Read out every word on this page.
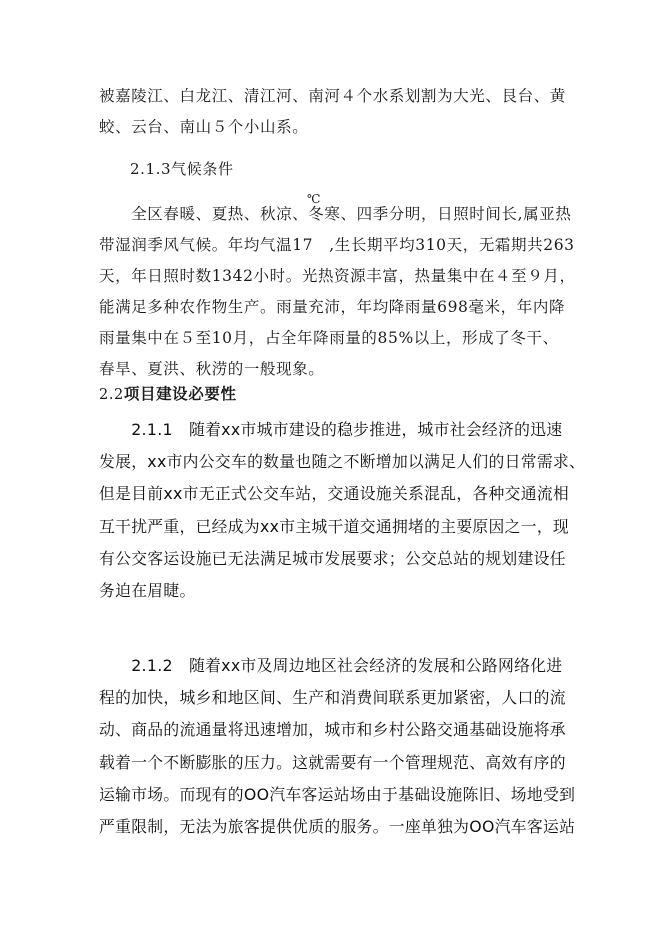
被嘉陵江、白龙江、清江河、南河４个水系划割为大光、艮台、黄
蛟、云台、南山５个小山系。
2.1.3气候条件
℃
　　全区春暖、夏热、秋凉、冬寒、四季分明，日照时间长,属亚热
带湿润季风气候。年均气温17　,生长期平均310天，无霜期共263
天，年日照时数1342小时。光热资源丰富，热量集中在４至９月，
能满足多种农作物生产。雨量充沛，年均降雨量698毫米，年内降
雨量集中在５至10月，占全年降雨量的85%以上，形成了冬干、
春旱、夏洪、秋涝的一般现象。
2.2项目建设必要性
　　2.1.1　随着xx市城市建设的稳步推进，城市社会经济的迅速
发展，xx市内公交车的数量也随之不断增加以满足人们的日常需求、
但是目前xx市无正式公交车站，交通设施关系混乱，各种交通流相
互干扰严重，已经成为xx市主城干道交通拥堵的主要原因之一，现
有公交客运设施已无法满足城市发展要求；公交总站的规划建设任
务迫在眉睫。
　　2.1.2　随着xx市及周边地区社会经济的发展和公路网络化进
程的加快，城乡和地区间、生产和消费间联系更加紧密，人口的流
动、商品的流通量将迅速增加，城市和乡村公路交通基础设施将承
载着一个不断膨胀的压力。这就需要有一个管理规范、高效有序的
运输市场。而现有的OO汽车客运站场由于基础设施陈旧、场地受到
严重限制，无法为旅客提供优质的服务。一座单独为OO汽车客运站
